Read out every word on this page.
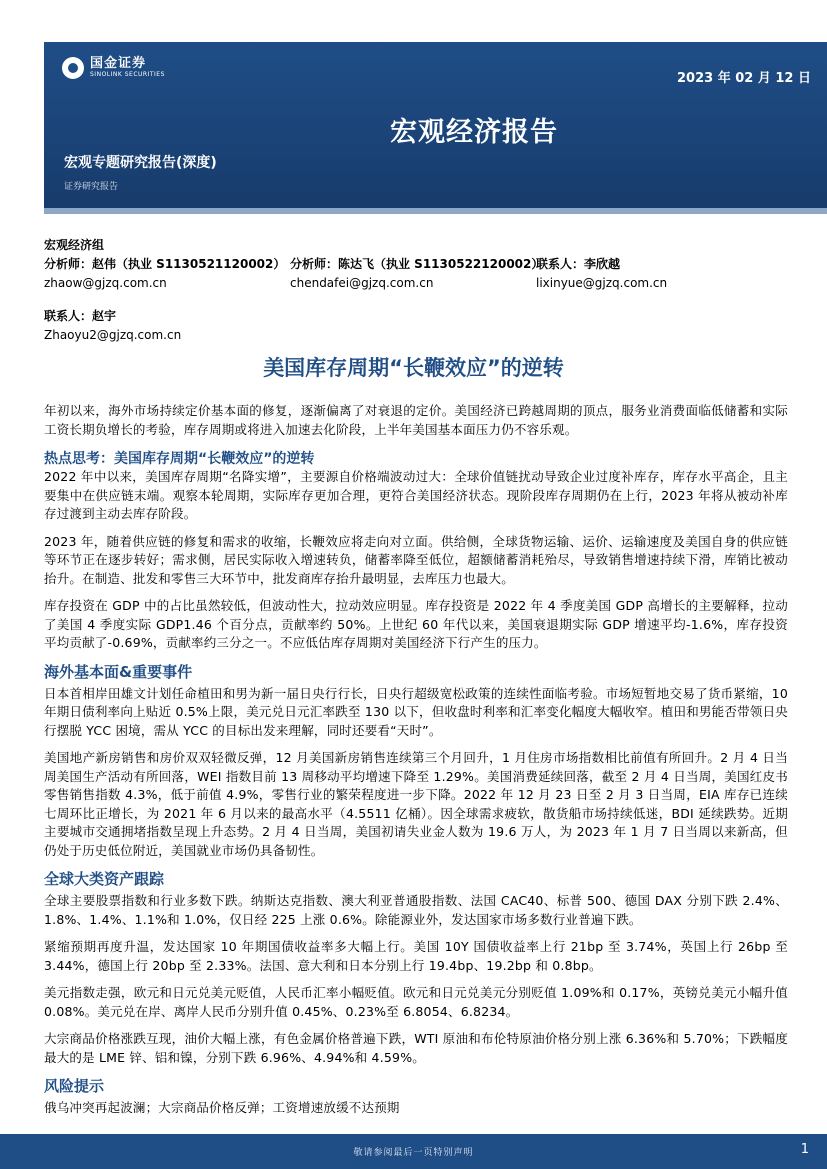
国金证券
SINOLINK SECURITIES	2023 年 02 月 12 日
宏观经济报告
宏观专题研究报告(深度)
证券研究报告
宏观经济组
分析师：赵伟（执业 S1130521120002） 分析师：陈达飞（执业 S1130522120002）
联系人：李欣越
zhaow@gjzq.com.cn	chendafei@gjzq.com.cn	lixinyue@gjzq.com.cn
联系人：赵宇
Zhaoyu2@gjzq.com.cn
美国库存周期“长鞭效应”的逆转

年初以来，海外市场持续定价基本面的修复，逐渐偏离了对衰退的定价。美国经济已跨越周期的顶点，服务业消费面临低储蓄和实际工资长期负增长的考验，库存周期或将进入加速去化阶段，上半年美国基本面压力仍不容乐观。

热点思考：美国库存周期“长鞭效应”的逆转

2022 年中以来，美国库存周期“名降实增”，主要源自价格端波动过大：全球价值链扰动导致企业过度补库存，库存水平高企，且主要集中在供应链末端。观察本轮周期，实际库存更加合理，更符合美国经济状态。现阶段库存周期仍在上行，2023 年将从被动补库存过渡到主动去库存阶段。

2023 年，随着供应链的修复和需求的收缩，长鞭效应将走向对立面。供给侧，全球货物运输、运价、运输速度及美国自身的供应链等环节正在逐步转好；需求侧，居民实际收入增速转负，储蓄率降至低位，超额储蓄消耗殆尽，导致销售增速持续下滑，库销比被动抬升。在制造、批发和零售三大环节中，批发商库存抬升最明显，去库压力也最大。

库存投资在 GDP 中的占比虽然较低，但波动性大，拉动效应明显。库存投资是 2022 年 4 季度美国 GDP 高增长的主要解释，拉动了美国 4 季度实际 GDP1.46 个百分点，贡献率约 50%。上世纪 60 年代以来，美国衰退期实际 GDP 增速平均-1.6%，库存投资平均贡献了-0.69%，贡献率约三分之一。不应低估库存周期对美国经济下行产生的压力。

海外基本面&重要事件

日本首相岸田雄文计划任命植田和男为新一届日央行行长，日央行超级宽松政策的连续性面临考验。市场短暂地交易了货币紧缩，10 年期日债利率向上贴近 0.5%上限，美元兑日元汇率跌至 130 以下，但收盘时利率和汇率变化幅度大幅收窄。植田和男能否带领日央行摆脱 YCC 困境，需从 YCC 的目标出发来理解，同时还要看“天时”。

美国地产新房销售和房价双双轻微反弹，12 月美国新房销售连续第三个月回升，1 月住房市场指数相比前值有所回升。2 月 4 日当周美国生产活动有所回落，WEI 指数目前 13 周移动平均增速下降至 1.29%。美国消费延续回落，截至 2 月 4 日当周，美国红皮书零售销售指数 4.3%，低于前值 4.9%，零售行业的繁荣程度进一步下降。2022 年 12 月 23 日至 2 月 3 日当周，EIA 库存已连续七周环比正增长，为 2021 年 6 月以来的最高水平（4.5511 亿桶）。因全球需求疲软，散货船市场持续低迷，BDI 延续跌势。近期主要城市交通拥堵指数呈现上升态势。2 月 4 日当周，美国初请失业金人数为 19.6 万人，为 2023 年 1 月 7 日当周以来新高，但仍处于历史低位附近，美国就业市场仍具备韧性。

全球大类资产跟踪

全球主要股票指数和行业多数下跌。纳斯达克指数、澳大利亚普通股指数、法国 CAC40、标普 500、德国 DAX 分别下跌 2.4%、1.8%、1.4%、1.1%和 1.0%，仅日经 225 上涨 0.6%。除能源业外，发达国家市场多数行业普遍下跌。

紧缩预期再度升温，发达国家 10 年期国债收益率多大幅上行。美国 10Y 国债收益率上行 21bp 至 3.74%，英国上行 26bp 至 3.44%，德国上行 20bp 至 2.33%。法国、意大利和日本分别上行 19.4bp、19.2bp 和 0.8bp。

美元指数走强，欧元和日元兑美元贬值，人民币汇率小幅贬值。欧元和日元兑美元分别贬值 1.09%和 0.17%，英镑兑美元小幅升值 0.08%。美元兑在岸、离岸人民币分别升值 0.45%、0.23%至 6.8054、6.8234。

大宗商品价格涨跌互现，油价大幅上涨，有色金属价格普遍下跌，WTI 原油和布伦特原油价格分别上涨 6.36%和 5.70%；下跌幅度最大的是 LME 锌、铝和镍，分别下跌 6.96%、4.94%和 4.59%。

风险提示

俄乌冲突再起波澜；大宗商品价格反弹；工资增速放缓不达预期

敬请参阅最后一页特别声明	1
